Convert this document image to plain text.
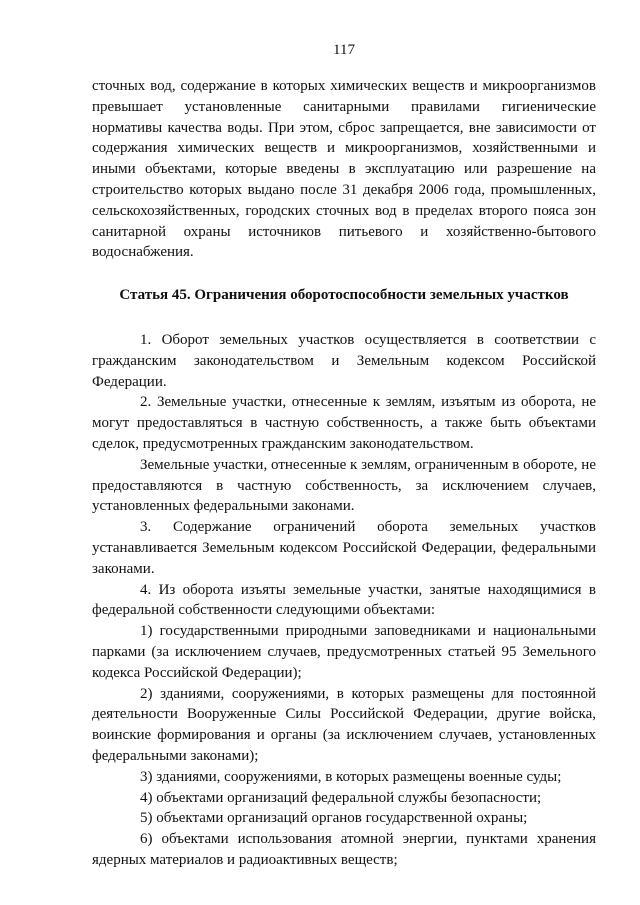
117

сточных вод, содержание в которых химических веществ и микроорганизмов превышает установленные санитарными правилами гигиенические нормативы качества воды. При этом, сброс запрещается, вне зависимости от содержания химических веществ и микроорганизмов, хозяйственными и иными объектами, которые введены в эксплуатацию или разрешение на строительство которых выдано после 31 декабря 2006 года, промышленных, сельскохозяйственных, городских сточных вод в пределах второго пояса зон санитарной охраны источников питьевого и хозяйственно-бытового водоснабжения.

Статья 45. Ограничения оборотоспособности земельных участков

1. Оборот земельных участков осуществляется в соответствии с гражданским законодательством и Земельным кодексом Российской Федерации.

2. Земельные участки, отнесенные к землям, изъятым из оборота, не могут предоставляться в частную собственность, а также быть объектами сделок, предусмотренных гражданским законодательством.

Земельные участки, отнесенные к землям, ограниченным в обороте, не предоставляются в частную собственность, за исключением случаев, установленных федеральными законами.

3. Содержание ограничений оборота земельных участков устанавливается Земельным кодексом Российской Федерации, федеральными законами.

4. Из оборота изъяты земельные участки, занятые находящимися в федеральной собственности следующими объектами:

1) государственными природными заповедниками и национальными парками (за исключением случаев, предусмотренных статьей 95 Земельного кодекса Российской Федерации);

2) зданиями, сооружениями, в которых размещены для постоянной деятельности Вооруженные Силы Российской Федерации, другие войска, воинские формирования и органы (за исключением случаев, установленных федеральными законами);

3) зданиями, сооружениями, в которых размещены военные суды;

4) объектами организаций федеральной службы безопасности;

5) объектами организаций органов государственной охраны;

6) объектами использования атомной энергии, пунктами хранения ядерных материалов и радиоактивных веществ;
